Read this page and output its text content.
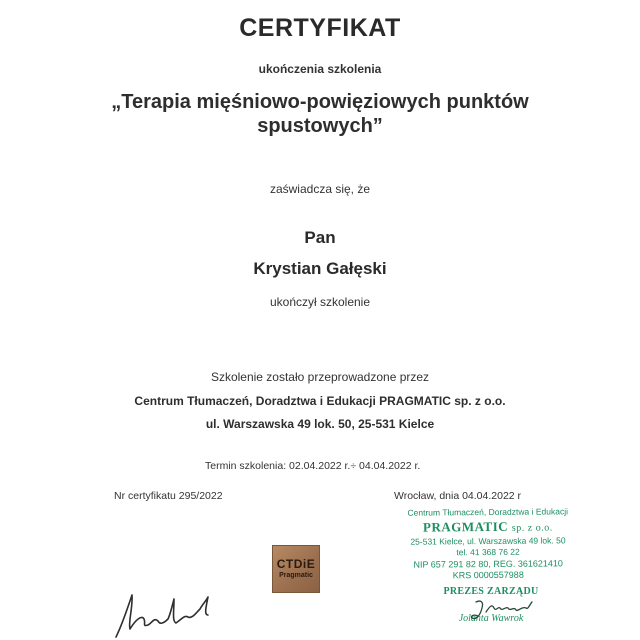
CERTYFIKAT
ukończenia szkolenia
„Terapia mięśniowo-powięziowych punktów
spustowych”
zaświadcza się, że
Pan
Krystian Gałęski
ukończył szkolenie
Szkolenie zostało przeprowadzone przez
Centrum Tłumaczeń, Doradztwa i Edukacji PRAGMATIC sp. z o.o.
ul. Warszawska 49 lok. 50, 25-531 Kielce
Termin szkolenia: 02.04.2022 r.÷ 04.04.2022 r.
Nr certyfikatu 295/2022	Wrocław, dnia 04.04.2022 r
Centrum Tłumaczeń, Doradztwa i Edukacji
PRAGMATIC sp. z o.o.
25-531 Kielce, ul. Warszawska 49 lok. 50
tel. 41 368 76 22
NIP 657 291 82 80, REG. 361621410
KRS 0000557988
PREZES ZARZĄDU
Jolanta Wawrok
CTDiE
Pragmatic
